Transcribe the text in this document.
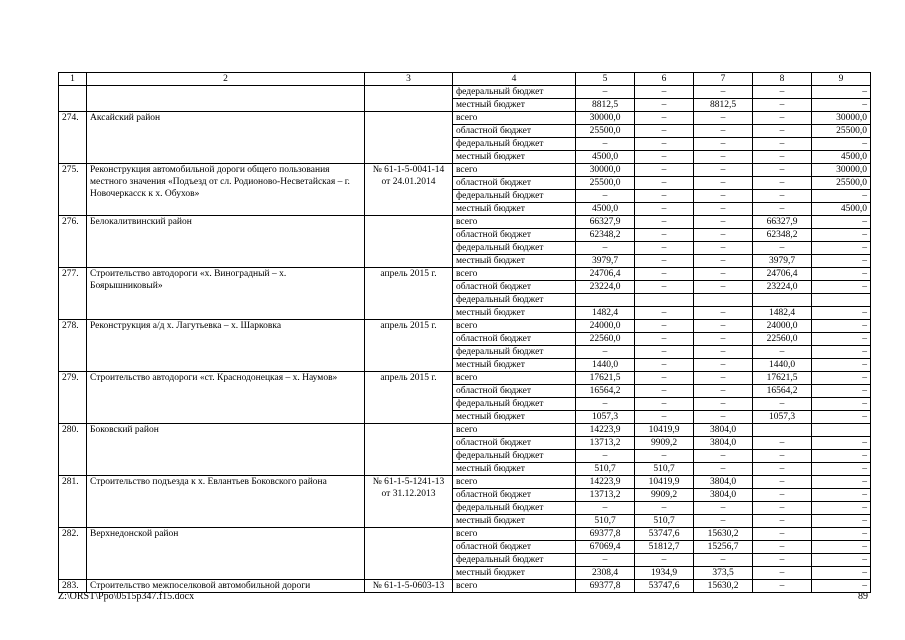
1	2	3	4	5	6	7	8	9
			федеральный бюджет	–	–	–	–	–
			местный бюджет	8812,5	–	8812,5	–	–
274.	Аксайский район		всего	30000,0	–	–	–	30000,0
			областной бюджет	25500,0	–	–	–	25500,0
			федеральный бюджет	–	–	–	–	–
			местный бюджет	4500,0	–	–	–	4500,0
275.	Реконструкция автомобильной дороги общего пользования местного значения «Подъезд от сл. Родионово-Несветайская – г. Новочеркасск к х. Обухов»	№ 61-1-5-0041-14 от 24.01.2014	всего	30000,0	–	–	–	30000,0
			областной бюджет	25500,0	–	–	–	25500,0
			федеральный бюджет	–	–	–	–	–
			местный бюджет	4500,0	–	–	–	4500,0
276.	Белокалитвинский район		всего	66327,9	–	–	66327,9	–
			областной бюджет	62348,2	–	–	62348,2	–
			федеральный бюджет	–	–	–	–	–
			местный бюджет	3979,7	–	–	3979,7	–
277.	Строительство автодороги «х. Виноградный – х. Боярышниковый»	апрель 2015 г.	всего	24706,4	–	–	24706,4	–
			областной бюджет	23224,0	–	–	23224,0	–
			федеральный бюджет					
			местный бюджет	1482,4	–	–	1482,4	–
278.	Реконструкция а/д х. Лагутьевка – х. Шарковка	апрель 2015 г.	всего	24000,0	–	–	24000,0	–
			областной бюджет	22560,0	–	–	22560,0	–
			федеральный бюджет	–	–	–	–	–
			местный бюджет	1440,0	–	–	1440,0	–
279.	Строительство автодороги «ст. Краснодонецкая – х. Наумов»	апрель 2015 г.	всего	17621,5	–	–	17621,5	–
			областной бюджет	16564,2	–	–	16564,2	–
			федеральный бюджет	–	–	–	–	–
			местный бюджет	1057,3	–	–	1057,3	–
280.	Боковский район		всего	14223,9	10419,9	3804,0		
			областной бюджет	13713,2	9909,2	3804,0	–	–
			федеральный бюджет	–	–	–	–	–
			местный бюджет	510,7	510,7	–	–	–
281.	Строительство подъезда к х. Евлантьев Боковского района	№ 61-1-5-1241-13 от 31.12.2013	всего	14223,9	10419,9	3804,0	–	–
			областной бюджет	13713,2	9909,2	3804,0	–	–
			федеральный бюджет	–	–	–	–	–
			местный бюджет	510,7	510,7	–	–	–
282.	Верхнедонской район		всего	69377,8	53747,6	15630,2	–	–
			областной бюджет	67069,4	51812,7	15256,7	–	–
			федеральный бюджет	–	–	–	–	–
			местный бюджет	2308,4	1934,9	373,5	–	–
283.	Строительство межпоселковой автомобильной дороги	№ 61-1-5-0603-13	всего	69377,8	53747,6	15630,2	–	–
Z:\ORST\Ppo\0515p347.f15.docx	89
